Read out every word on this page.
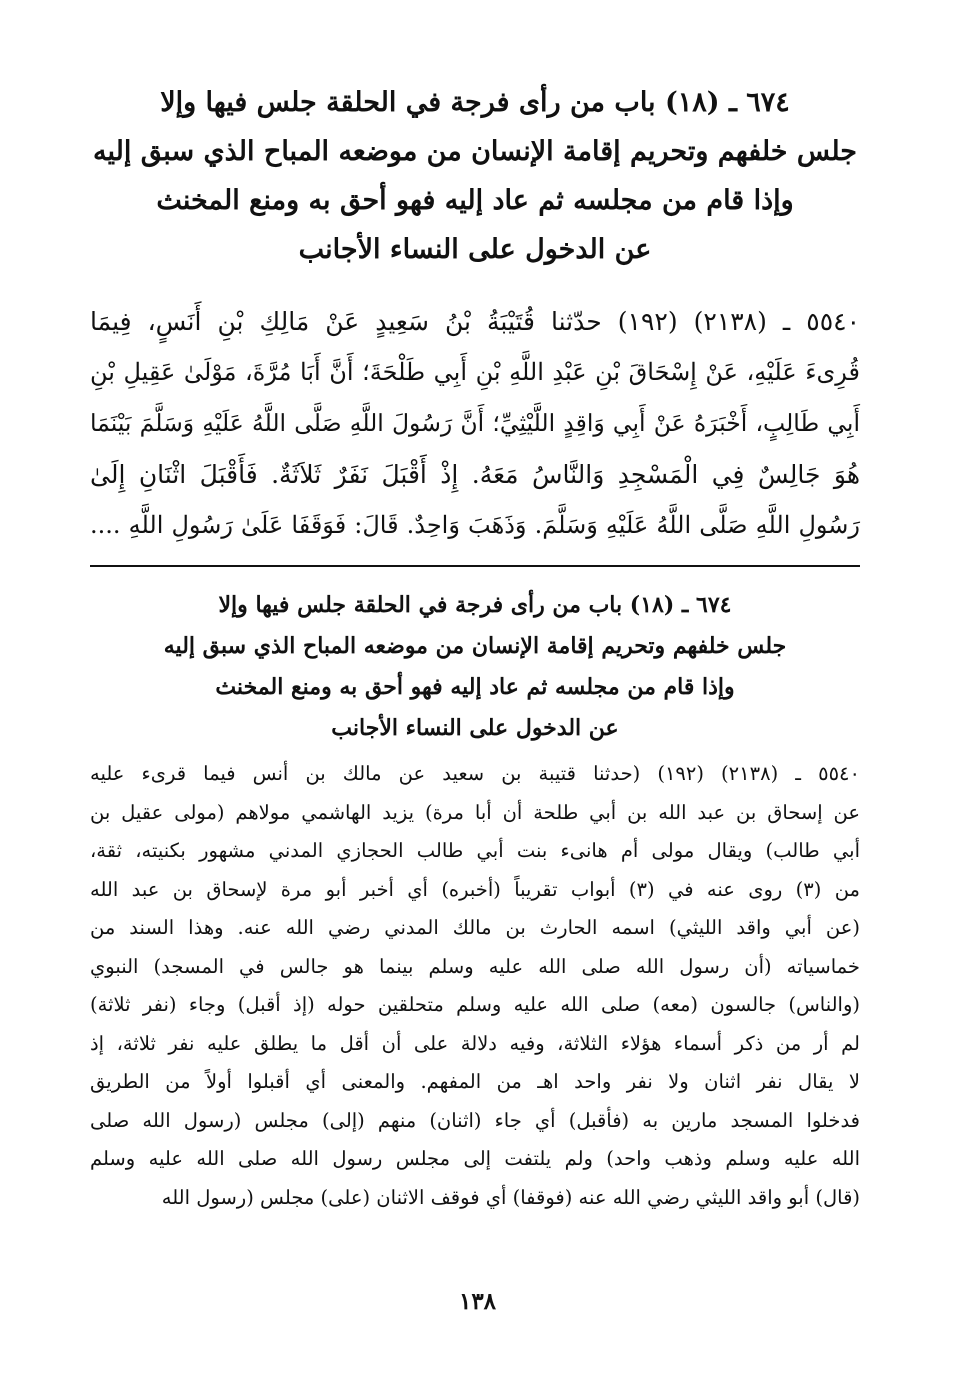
٦٧٤ ـ (١٨) باب من رأى فرجة في الحلقة جلس فيها وإلا
جلس خلفهم وتحريم إقامة الإنسان من موضعه المباح الذي سبق إليه
وإذا قام من مجلسه ثم عاد إليه فهو أحق به ومنع المخنث
عن الدخول على النساء الأجانب
٥٥٤٠ ـ (٢١٣٨) (١٩٢) حدّثنا قُتَيْبَةُ بْنُ سَعِيدٍ عَنْ مَالِكِ بْنِ أَنَسٍ، فِيمَا
قُرِىءَ عَلَيْهِ، عَنْ إِسْحَاقَ بْنِ عَبْدِ اللَّهِ بْنِ أَبِي طَلْحَةَ؛ أَنَّ أَبَا مُرَّةَ، مَوْلَىٰ عَقِيلِ بْنِ
أَبِي طَالِبٍ، أَخْبَرَهُ عَنْ أَبِي وَاقِدٍ اللَّيْثِيِّ؛ أَنَّ رَسُولَ اللَّهِ صَلَّى اللَّهُ عَلَيْهِ وَسَلَّمَ بَيْنَمَا
هُوَ جَالِسٌ فِي الْمَسْجِدِ وَالنَّاسُ مَعَهُ. إِذْ أَقْبَلَ نَفَرٌ ثَلاَثَةٌ. فَأَقْبَلَ اثْنَانِ إِلَىٰ
رَسُولِ اللَّهِ صَلَّى اللَّهُ عَلَيْهِ وَسَلَّمَ. وَذَهَبَ وَاحِدٌ. قَالَ: فَوَقَفَا عَلَىٰ رَسُولِ اللَّهِ ....
٦٧٤ ـ (١٨) باب من رأى فرجة في الحلقة جلس فيها وإلا
جلس خلفهم وتحريم إقامة الإنسان من موضعه المباح الذي سبق إليه
وإذا قام من مجلسه ثم عاد إليه فهو أحق به ومنع المخنث
عن الدخول على النساء الأجانب
٥٥٤٠ ـ (٢١٣٨) (١٩٢) (حدثنا قتيبة بن سعيد عن مالك بن أنس فيما قرىء عليه
عن إسحاق بن عبد الله بن أبي طلحة أن أبا مرة) يزيد الهاشمي مولاهم (مولى عقيل بن
أبي طالب) ويقال مولى أم هانىء بنت أبي طالب الحجازي المدني مشهور بكنيته، ثقة،
من (٣) روى عنه في (٣) أبواب تقريباً (أخبره) أي أخبر أبو مرة لإسحاق بن عبد الله
(عن أبي واقد الليثي) اسمه الحارث بن مالك المدني رضي الله عنه. وهذا السند من
خماسياته (أن رسول الله صلى الله عليه وسلم بينما هو جالس في المسجد) النبوي
(والناس) جالسون (معه) صلى الله عليه وسلم متحلقين حوله (إذ أقبل) وجاء (نفر ثلاثة)
لم أر من ذكر أسماء هؤلاء الثلاثة، وفيه دلالة على أن أقل ما يطلق عليه نفر ثلاثة، إذ
لا يقال نفر اثنان ولا نفر واحد اهـ من المفهم. والمعنى أي أقبلوا أولاً من الطريق
فدخلوا المسجد مارين به (فأقبل) أي جاء (اثنان) منهم (إلى) مجلس (رسول الله صلى
الله عليه وسلم وذهب واحد) ولم يلتفت إلى مجلس رسول الله صلى الله عليه وسلم
(قال) أبو واقد الليثي رضي الله عنه (فوقفا) أي فوقف الاثنان (على) مجلس (رسول الله
١٣٨
